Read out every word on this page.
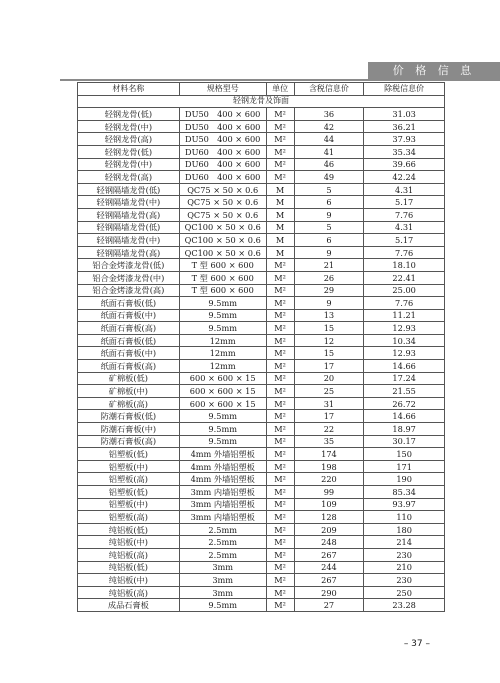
价 格 信 息
材料名称	规格型号	单位	含税信息价	除税信息价
轻钢龙骨及饰面				
轻钢龙骨(低)	DU50　400 × 600	M²	36	31.03
轻钢龙骨(中)	DU50　400 × 600	M²	42	36.21
轻钢龙骨(高)	DU50　400 × 600	M²	44	37.93
轻钢龙骨(低)	DU60　400 × 600	M²	41	35.34
轻钢龙骨(中)	DU60　400 × 600	M²	46	39.66
轻钢龙骨(高)	DU60　400 × 600	M²	49	42.24
轻钢隔墙龙骨(低)	QC75 × 50 × 0.6	M	5	4.31
轻钢隔墙龙骨(中)	QC75 × 50 × 0.6	M	6	5.17
轻钢隔墙龙骨(高)	QC75 × 50 × 0.6	M	9	7.76
轻钢隔墙龙骨(低)	QC100 × 50 × 0.6	M	5	4.31
轻钢隔墙龙骨(中)	QC100 × 50 × 0.6	M	6	5.17
轻钢隔墙龙骨(高)	QC100 × 50 × 0.6	M	9	7.76
铝合金烤漆龙骨(低)	T 型 600 × 600	M²	21	18.10
铝合金烤漆龙骨(中)	T 型 600 × 600	M²	26	22.41
铝合金烤漆龙骨(高)	T 型 600 × 600	M²	29	25.00
纸面石膏板(低)	9.5mm	M²	9	7.76
纸面石膏板(中)	9.5mm	M²	13	11.21
纸面石膏板(高)	9.5mm	M²	15	12.93
纸面石膏板(低)	12mm	M²	12	10.34
纸面石膏板(中)	12mm	M²	15	12.93
纸面石膏板(高)	12mm	M²	17	14.66
矿棉板(低)	600 × 600 × 15	M²	20	17.24
矿棉板(中)	600 × 600 × 15	M²	25	21.55
矿棉板(高)	600 × 600 × 15	M²	31	26.72
防潮石膏板(低)	9.5mm	M²	17	14.66
防潮石膏板(中)	9.5mm	M²	22	18.97
防潮石膏板(高)	9.5mm	M²	35	30.17
铝塑板(低)	4mm 外墙铝塑板	M²	174	150
铝塑板(中)	4mm 外墙铝塑板	M²	198	171
铝塑板(高)	4mm 外墙铝塑板	M²	220	190
铝塑板(低)	3mm 内墙铝塑板	M²	99	85.34
铝塑板(中)	3mm 内墙铝塑板	M²	109	93.97
铝塑板(高)	3mm 内墙铝塑板	M²	128	110
纯铝板(低)	2.5mm	M²	209	180
纯铝板(中)	2.5mm	M²	248	214
纯铝板(高)	2.5mm	M²	267	230
纯铝板(低)	3mm	M²	244	210
纯铝板(中)	3mm	M²	267	230
纯铝板(高)	3mm	M²	290	250
成品石膏板	9.5mm	M²	27	23.28
– 37 –
